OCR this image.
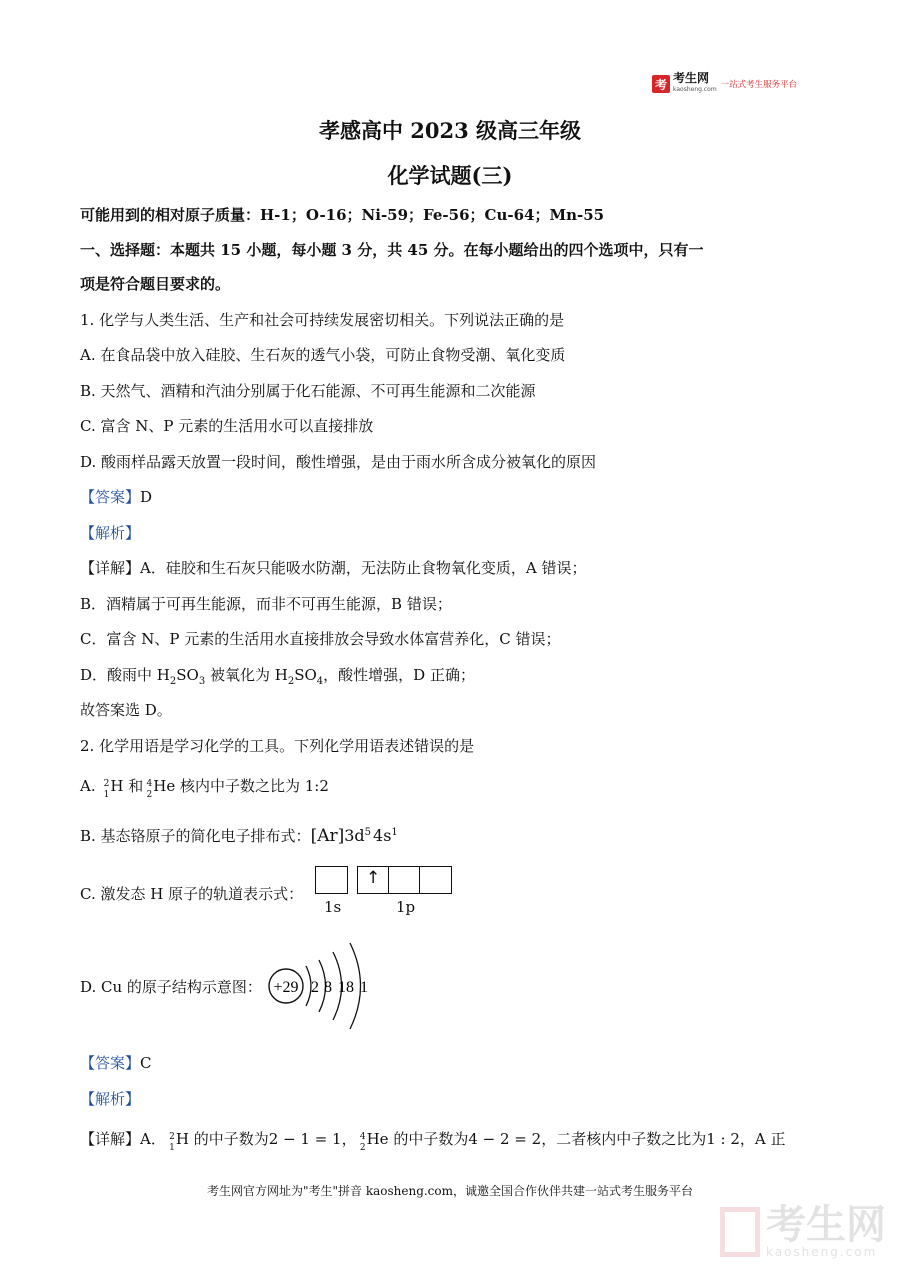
考 考生网
kaosheng.com 一站式考生服务平台
孝感高中 2023 级高三年级
化学试题(三)
可能用到的相对原子质量：H-1；O-16；Ni-59；Fe-56；Cu-64；Mn-55
一、选择题：本题共 15 小题，每小题 3 分，共 45 分。在每小题给出的四个选项中，只有一
项是符合题目要求的。
1. 化学与人类生活、生产和社会可持续发展密切相关。下列说法正确的是
A. 在食品袋中放入硅胶、生石灰的透气小袋，可防止食物受潮、氧化变质
B. 天然气、酒精和汽油分别属于化石能源、不可再生能源和二次能源
C. 富含 N、P 元素的生活用水可以直接排放
D. 酸雨样品露天放置一段时间，酸性增强，是由于雨水所含成分被氧化的原因
【答案】D
【解析】
【详解】A．硅胶和生石灰只能吸水防潮，无法防止食物氧化变质，A 错误；
B．酒精属于可再生能源，而非不可再生能源，B 错误；
C．富含 N、P 元素的生活用水直接排放会导致水体富营养化，C 错误；
D．酸雨中 $H_2SO_3$ 被氧化为 $H_2SO_4$，酸性增强，D 正确；
故答案选 D。
2. 化学用语是学习化学的工具。下列化学用语表述错误的是
A. 2
1 H 和 4
2 He 核内中子数之比为 1:2
B. 基态铬原子的简化电子排布式：$[Ar]3d^5$ $4s^1$
C. 激发态 H 原子的轨道表示式：
↑
1s	1p
D. Cu 的原子结构示意图： +29 2 8 18 1
【答案】C
【解析】
【详解】A． 2
1 H 的中子数为2 − 1 = 1， 4
2 He 的中子数为4 − 2 = 2，二者核内中子数之比为1 : 2，A 正
考生网官方网址为"考生"拼音 kaosheng.com，诚邀全国合作伙伴共建一站式考生服务平台
考生网
kaosheng.com
